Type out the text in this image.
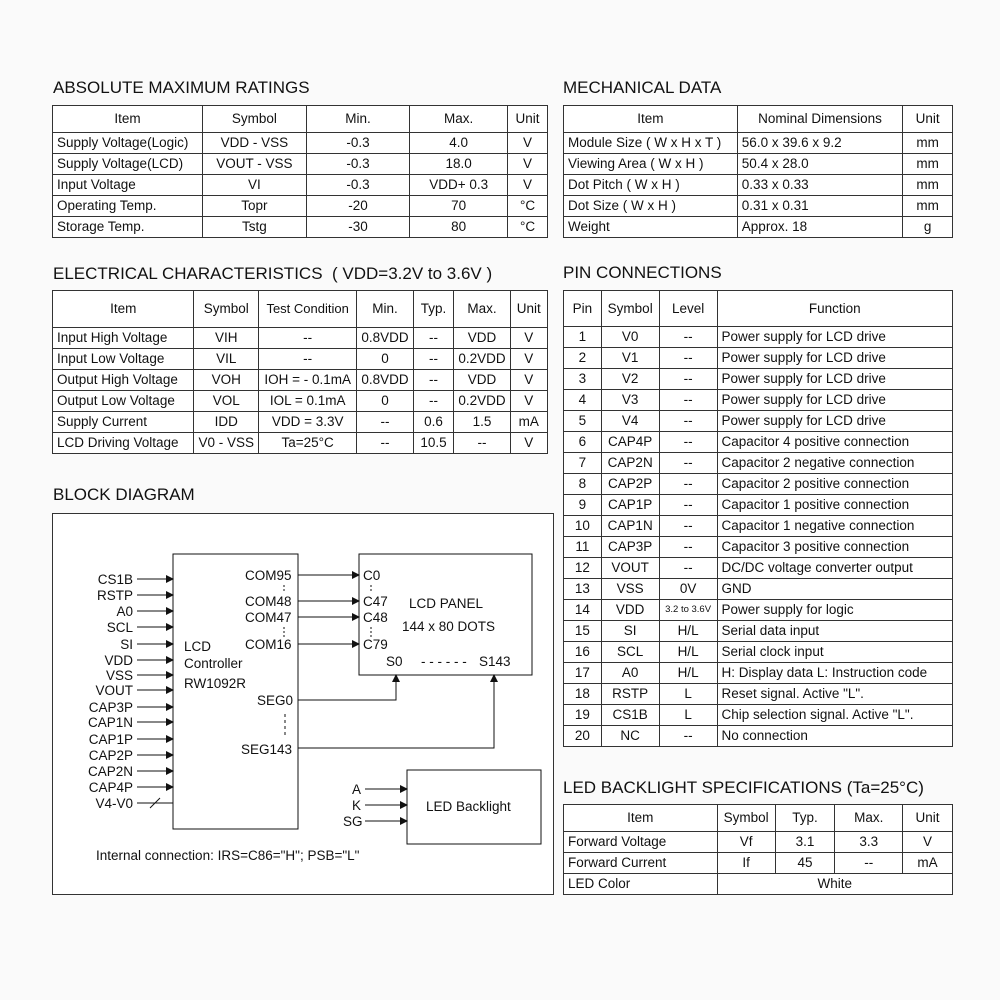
ABSOLUTE MAXIMUM RATINGS
Item	Symbol	Min.	Max.	Unit
Supply Voltage(Logic)	VDD - VSS	-0.3	4.0	V
Supply Voltage(LCD)	VOUT - VSS	-0.3	18.0	V
Input Voltage	VI	-0.3	VDD+ 0.3	V
Operating Temp.	Topr	-20	70	°C
Storage Temp.	Tstg	-30	80	°C
MECHANICAL DATA
Item	Nominal Dimensions	Unit
Module Size ( W x H x T )	56.0 x 39.6 x 9.2	mm
Viewing Area ( W x H )	50.4 x 28.0	mm
Dot Pitch ( W x H )	0.33 x 0.33	mm
Dot Size ( W x H )	0.31 x 0.31	mm
Weight	Approx. 18	g
ELECTRICAL CHARACTERISTICS ( VDD=3.2V to 3.6V )
Item	Symbol	Test Condition	Min.	Typ.	Max.	Unit
Input High Voltage	VIH	--	0.8VDD	--	VDD	V
Input Low Voltage	VIL	--	0	--	0.2VDD	V
Output High Voltage	VOH	IOH = - 0.1mA	0.8VDD	--	VDD	V
Output Low Voltage	VOL	IOL = 0.1mA	0	--	0.2VDD	V
Supply Current	IDD	VDD = 3.3V	--	0.6	1.5	mA
LCD Driving Voltage	V0 - VSS	Ta=25°C	--	10.5	--	V
PIN CONNECTIONS
Pin	Symbol	Level	Function
1	V0	--	Power supply for LCD drive
2	V1	--	Power supply for LCD drive
3	V2	--	Power supply for LCD drive
4	V3	--	Power supply for LCD drive
5	V4	--	Power supply for LCD drive
6	CAP4P	--	Capacitor 4 positive connection
7	CAP2N	--	Capacitor 2 negative connection
8	CAP2P	--	Capacitor 2 positive connection
9	CAP1P	--	Capacitor 1 positive connection
10	CAP1N	--	Capacitor 1 negative connection
11	CAP3P	--	Capacitor 3 positive connection
12	VOUT	--	DC/DC voltage converter output
13	VSS	0V	GND
14	VDD	3.2 to 3.6V	Power supply for logic
15	SI	H/L	Serial data input
16	SCL	H/L	Serial clock input
17	A0	H/L	H: Display data L: Instruction code
18	RSTP	L	Reset signal. Active "L".
19	CS1B	L	Chip selection signal. Active "L".
20	NC	--	No connection
LED BACKLIGHT SPECIFICATIONS (Ta=25°C)
Item	Symbol	Typ.	Max.	Unit
Forward Voltage	Vf	3.1	3.3	V
Forward Current	If	45	--	mA
LED Color	White			
BLOCK DIAGRAM
CS1B
RSTP
A0
SCL
SI
VDD
VSS
VOUT
CAP3P
CAP1N
CAP1P
CAP2P
CAP2N
CAP4P
V4-V0
LCD
Controller
RW1092R
COM95
COM48
COM47
COM16
C0
C47
C48
C79
LCD PANEL
144 x 80 DOTS
S0 - - - - - - S143
SEG0
SEG143
LED Backlight
A
K
SG
Internal connection: IRS=C86="H"; PSB="L"
